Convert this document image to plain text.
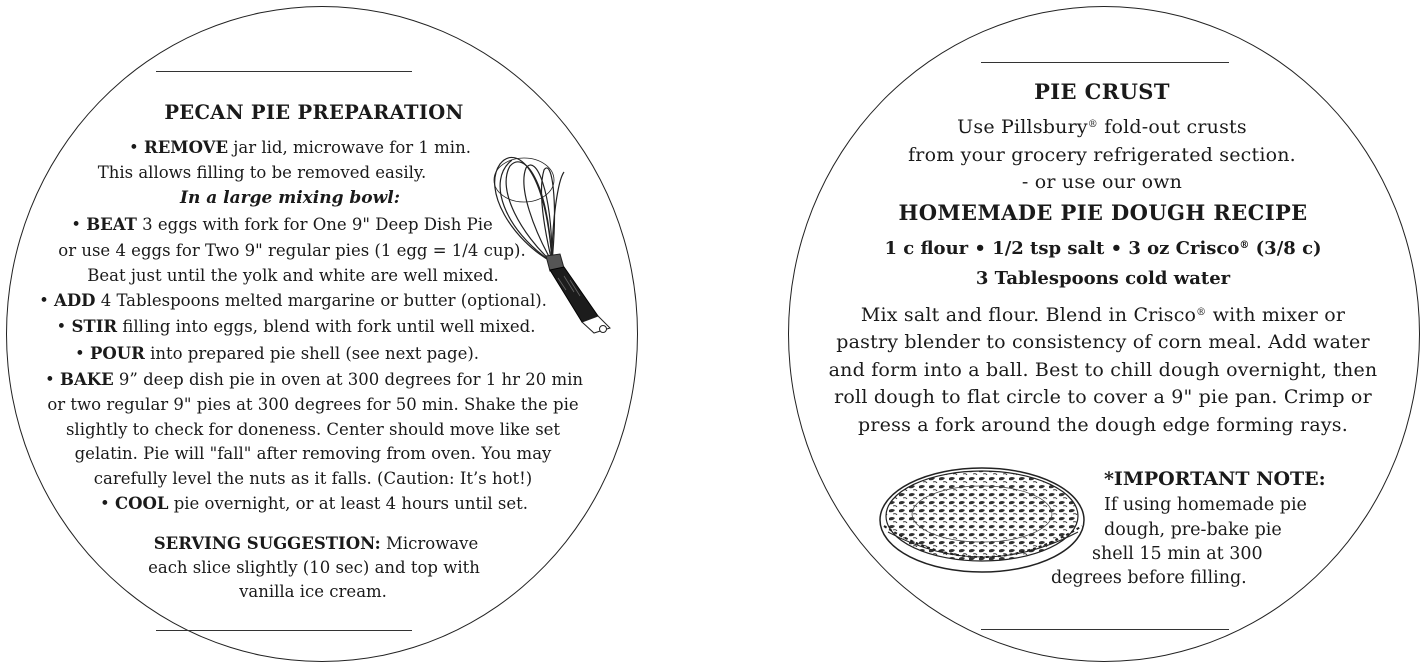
PECAN PIE PREPARATION
• REMOVE jar lid, microwave for 1 min.
This allows filling to be removed easily.
In a large mixing bowl:
• BEAT 3 eggs with fork for One 9" Deep Dish Pie
or use 4 eggs for Two 9" regular pies (1 egg = 1/4 cup).
Beat just until the yolk and white are well mixed.
• ADD 4 Tablespoons melted margarine or butter (optional).
• STIR filling into eggs, blend with fork until well mixed.
• POUR into prepared pie shell (see next page).
• BAKE 9” deep dish pie in oven at 300 degrees for 1 hr 20 min
or two regular 9" pies at 300 degrees for 50 min. Shake the pie
slightly to check for doneness. Center should move like set
gelatin. Pie will "fall" after removing from oven. You may
carefully level the nuts as it falls. (Caution: It’s hot!)
• COOL pie overnight, or at least 4 hours until set.
SERVING SUGGESTION: Microwave
each slice slightly (10 sec) and top with
vanilla ice cream.
PIE CRUST
Use Pillsbury® fold-out crusts
from your grocery refrigerated section.
- or use our own
HOMEMADE PIE DOUGH RECIPE
1 c flour • 1/2 tsp salt • 3 oz Crisco® (3/8 c)
3 Tablespoons cold water
Mix salt and flour. Blend in Crisco® with mixer or
pastry blender to consistency of corn meal. Add water
and form into a ball. Best to chill dough overnight, then
roll dough to flat circle to cover a 9" pie pan. Crimp or
press a fork around the dough edge forming rays.
*IMPORTANT NOTE:
If using homemade pie
dough, pre-bake pie
shell 15 min at 300
degrees before filling.
